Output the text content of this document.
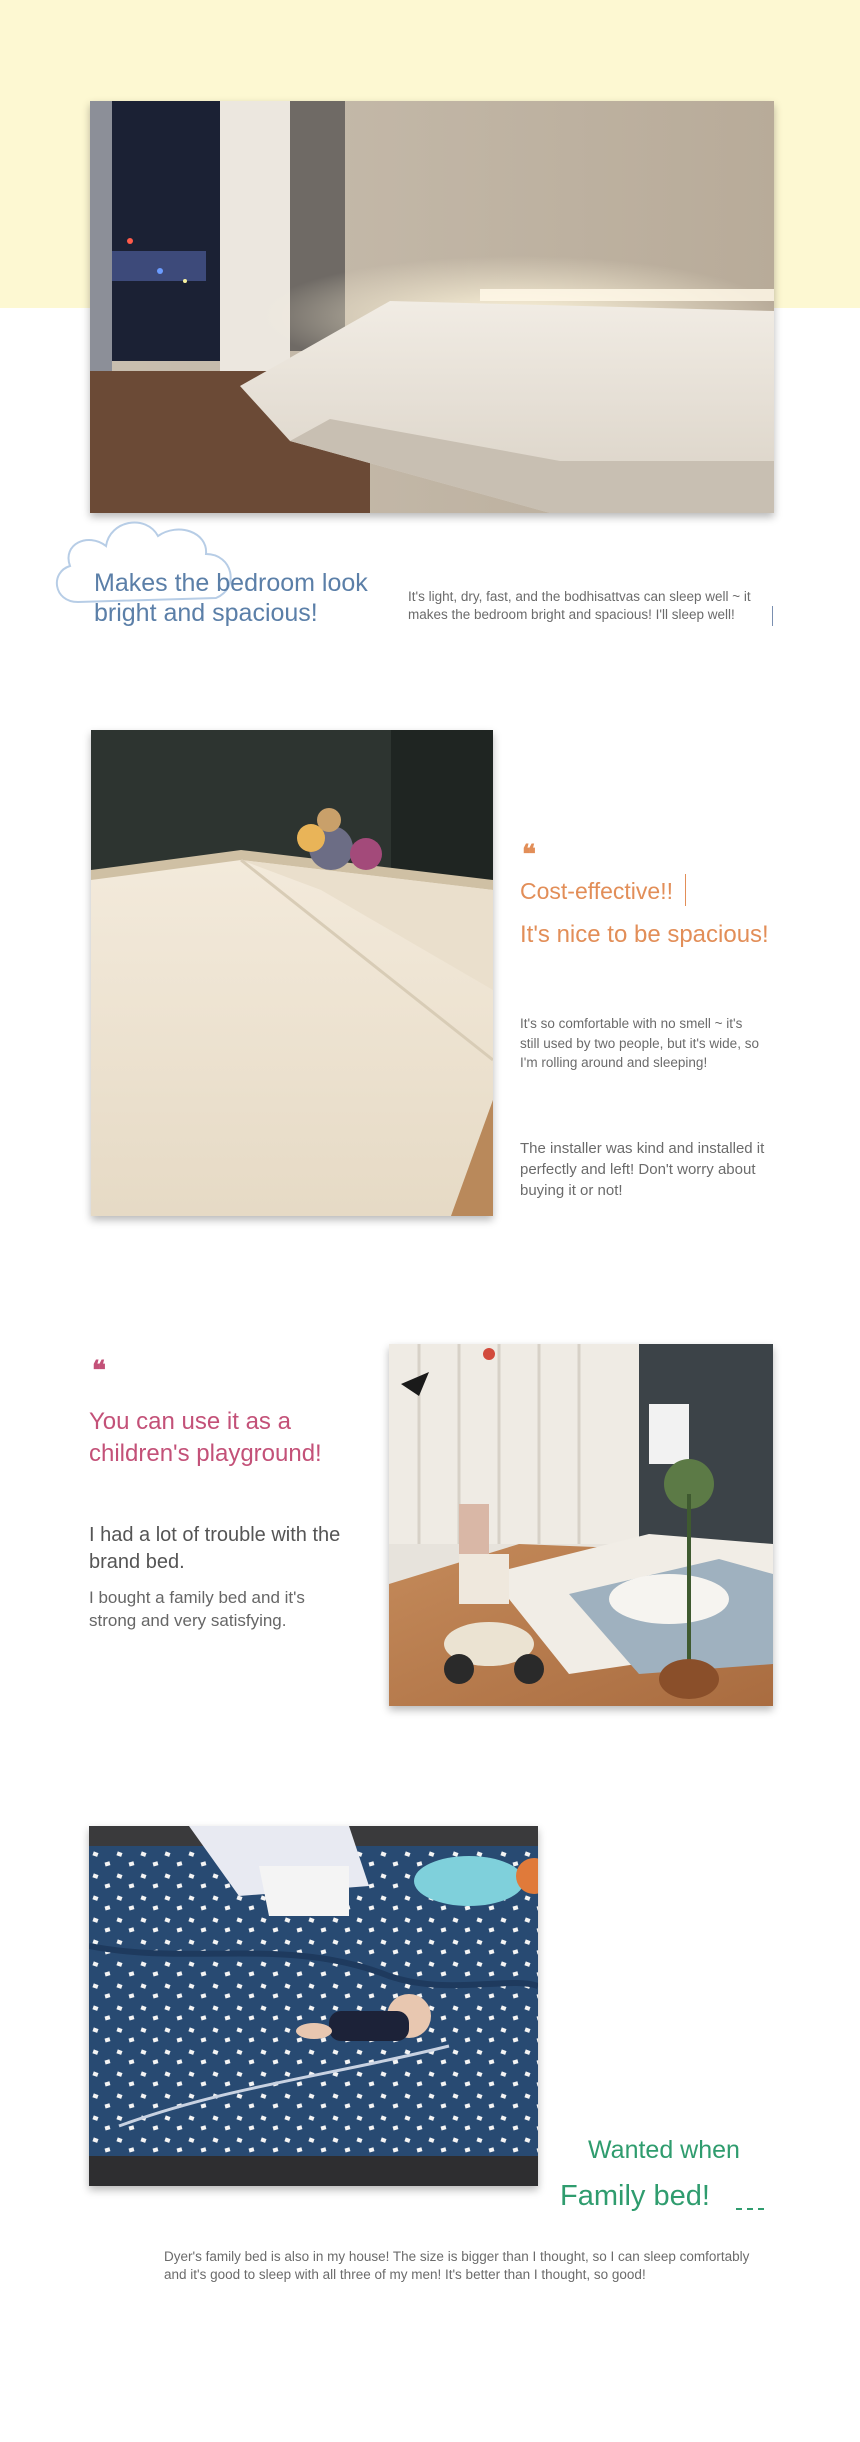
Makes the bedroom look bright and spacious!
It's light, dry, fast, and the bodhisattvas can sleep well ~ it makes the bedroom bright and spacious! I'll sleep well!
❝
Cost-effective!!
It's nice to be spacious!
It's so comfortable with no smell ~ it's still used by two people, but it's wide, so I'm rolling around and sleeping!
The installer was kind and installed it perfectly and left! Don't worry about buying it or not!
❝
You can use it as a children's playground!
I had a lot of trouble with the brand bed.
I bought a family bed and it's strong and very satisfying.
Wanted when
Family bed!
Dyer's family bed is also in my house! The size is bigger than I thought, so I can sleep comfortably and it's good to sleep with all three of my men! It's better than I thought, so good!
